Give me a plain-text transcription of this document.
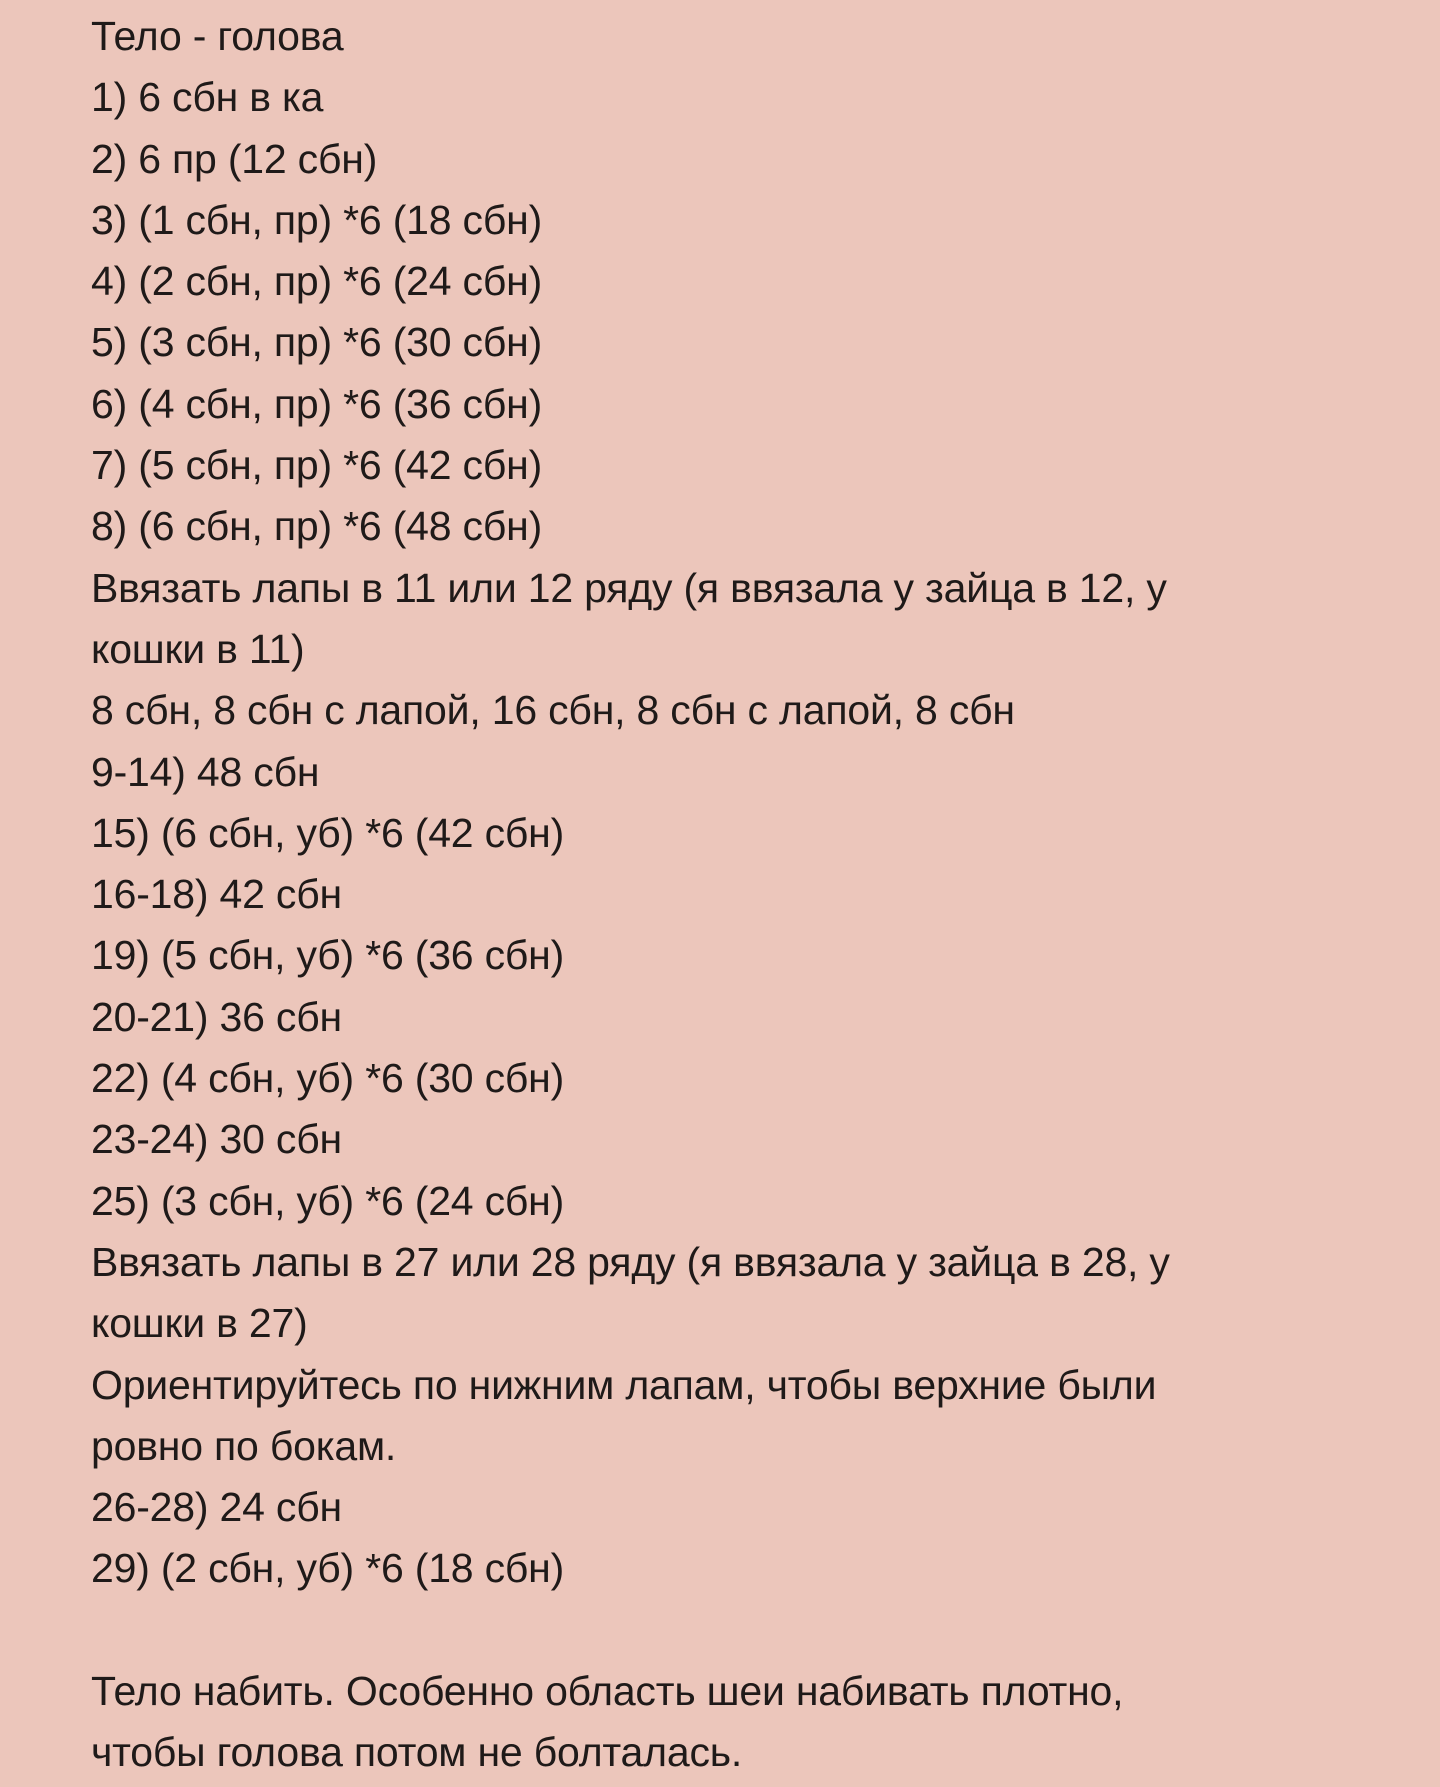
Тело - голова
1) 6 сбн в ка
2) 6 пр (12 сбн)
3) (1 сбн, пр) *6 (18 сбн)
4) (2 сбн, пр) *6 (24 сбн)
5) (3 сбн, пр) *6 (30 сбн)
6) (4 сбн, пр) *6 (36 сбн)
7) (5 сбн, пр) *6 (42 сбн)
8) (6 сбн, пр) *6 (48 сбн)
Ввязать лапы в 11 или 12 ряду (я ввязала у зайца в 12, у
кошки в 11)
8 сбн, 8 сбн с лапой, 16 сбн, 8 сбн с лапой, 8 сбн
9-14) 48 сбн
15) (6 сбн, уб) *6 (42 сбн)
16-18) 42 сбн
19) (5 сбн, уб) *6 (36 сбн)
20-21) 36 сбн
22) (4 сбн, уб) *6 (30 сбн)
23-24) 30 сбн
25) (3 сбн, уб) *6 (24 сбн)
Ввязать лапы в 27 или 28 ряду (я ввязала у зайца в 28, у
кошки в 27)
Ориентируйтесь по нижним лапам, чтобы верхние были
ровно по бокам.
26-28) 24 сбн
29) (2 сбн, уб) *6 (18 сбн)
Тело набить. Особенно область шеи набивать плотно,
чтобы голова потом не болталась.
